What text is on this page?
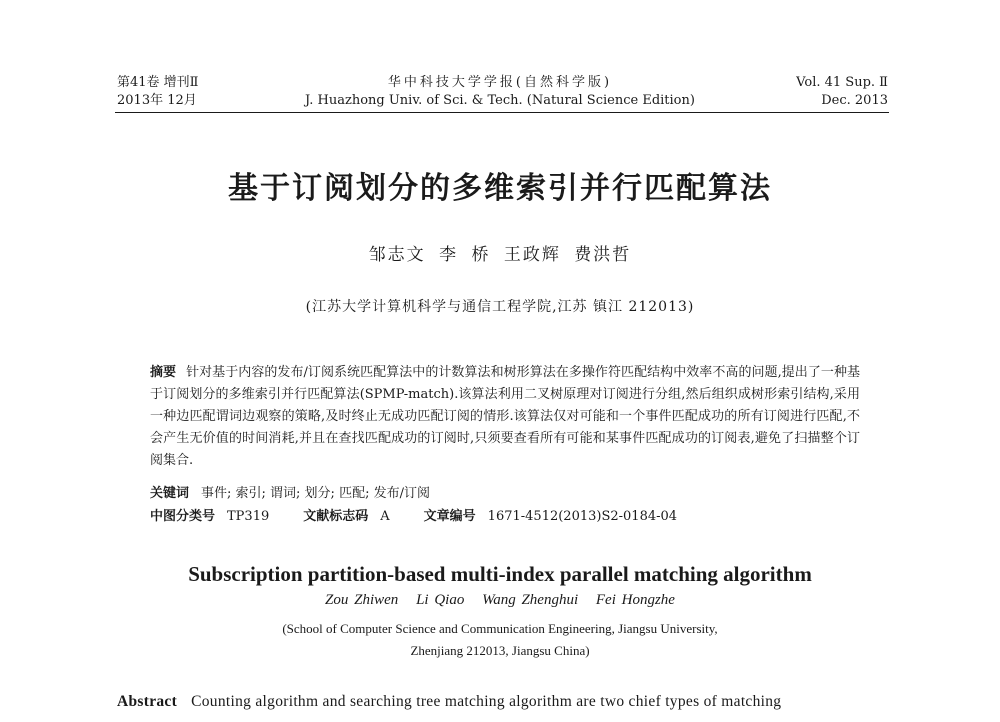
第41卷 增刊Ⅱ
2013年 12月
华中科技大学学报(自然科学版)
J. Huazhong Univ. of Sci. & Tech. (Natural Science Edition)
Vol. 41 Sup. Ⅱ
Dec. 2013
基于订阅划分的多维索引并行匹配算法
邹志文 李 桥 王政辉 费洪哲
(江苏大学计算机科学与通信工程学院,江苏 镇江 212013)
摘要 针对基于内容的发布/订阅系统匹配算法中的计数算法和树形算法在多操作符匹配结构中效率不高的问题,提出了一种基于订阅划分的多维索引并行匹配算法(SPMP-match).该算法利用二叉树原理对订阅进行分组,然后组织成树形索引结构,采用一种边匹配谓词边观察的策略,及时终止无成功匹配订阅的情形.该算法仅对可能和一个事件匹配成功的所有订阅进行匹配,不会产生无价值的时间消耗,并且在查找匹配成功的订阅时,只须要查看所有可能和某事件匹配成功的订阅表,避免了扫描整个订阅集合.
关键词 事件; 索引; 谓词; 划分; 匹配; 发布/订阅
中图分类号 TP319	文献标志码 A	文章编号 1671-4512(2013)S2-0184-04
Subscription partition-based multi-index parallel matching algorithm
Zou Zhiwen Li Qiao Wang Zhenghui Fei Hongzhe
(School of Computer Science and Communication Engineering, Jiangsu University,
Zhenjiang 212013, Jiangsu China)
Abstract Counting algorithm and searching tree matching algorithm are two chief types of matching
